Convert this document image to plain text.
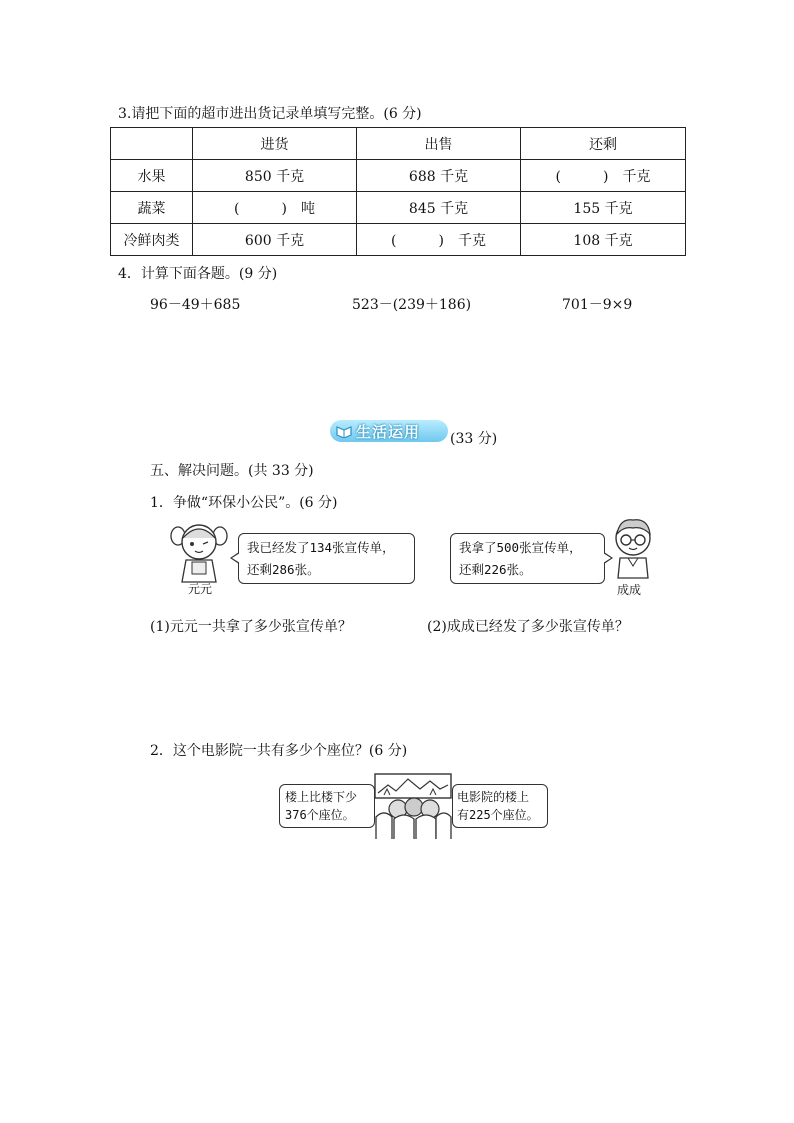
3.请把下面的超市进出货记录单填写完整。(6 分)
	进货	出售	还剩
水果	850 千克	688 千克	(　　　)　千克
蔬菜	(　　　)　吨	845 千克	155 千克
冷鲜肉类	600 千克	(　　　)　千克	108 千克
4．计算下面各题。(9 分)
96－49＋685	523－(239＋186)	701－9×9
生活运用 (33 分)
五、解决问题。(共 33 分)
1．争做“环保小公民”。(6 分)
元元
我已经发了134张宣传单，
还剩286张。
我拿了500张宣传单，
还剩226张。
成成
(1)元元一共拿了多少张宣传单？	(2)成成已经发了多少张宣传单？
2．这个电影院一共有多少个座位？(6 分)
楼上比楼下少
376个座位。
电影院的楼上
有225个座位。
